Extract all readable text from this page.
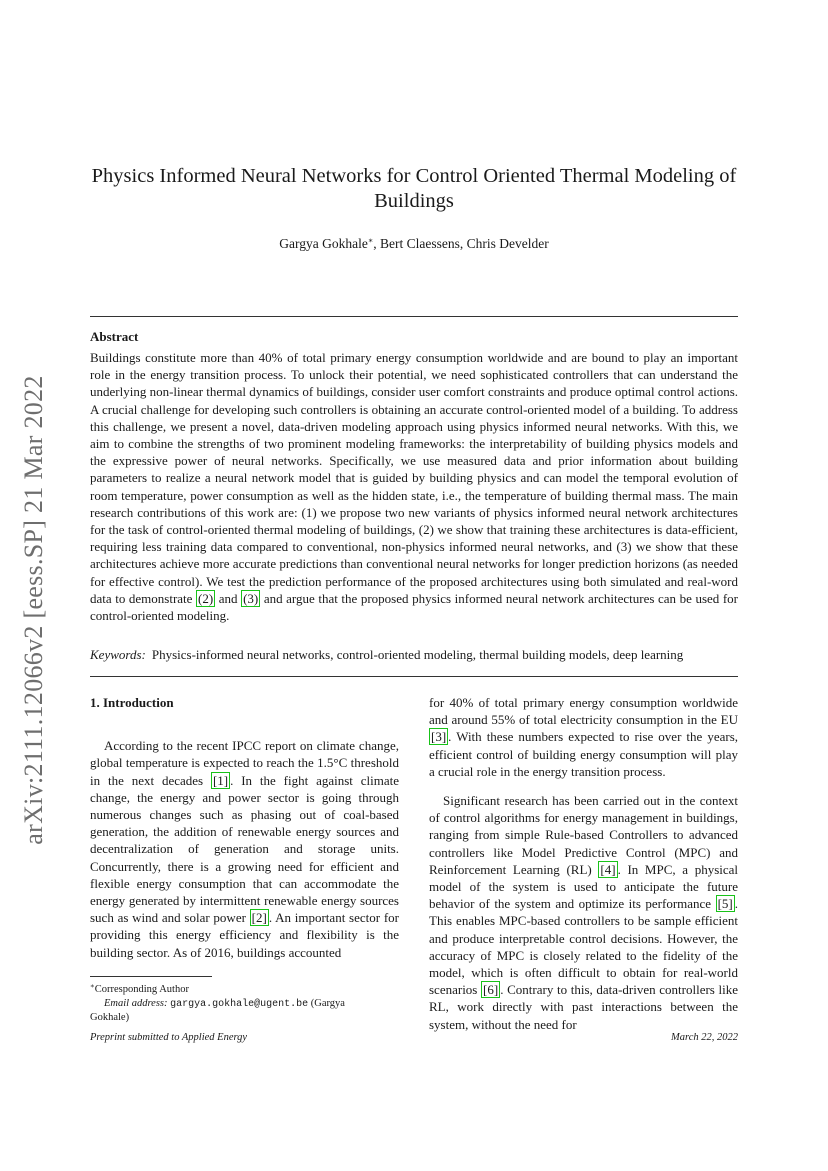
arXiv:2111.12066v2 [eess.SP] 21 Mar 2022
Physics Informed Neural Networks for Control Oriented Thermal Modeling of Buildings
Gargya Gokhale∗, Bert Claessens, Chris Develder
Abstract

Buildings constitute more than 40% of total primary energy consumption worldwide and are bound to play an important role in the energy transition process. To unlock their potential, we need sophisticated controllers that can understand the underlying non-linear thermal dynamics of buildings, consider user comfort constraints and produce optimal control actions. A crucial challenge for developing such controllers is obtaining an accurate control-oriented model of a building. To address this challenge, we present a novel, data-driven modeling approach using physics informed neural networks. With this, we aim to combine the strengths of two prominent modeling frameworks: the interpretability of building physics models and the expressive power of neural networks. Specifically, we use measured data and prior information about building parameters to realize a neural network model that is guided by building physics and can model the temporal evolution of room temperature, power consumption as well as the hidden state, i.e., the temperature of building thermal mass. The main research contributions of this work are: (1) we propose two new variants of physics informed neural network architectures for the task of control-oriented thermal modeling of buildings, (2) we show that training these architectures is data-efficient, requiring less training data compared to conventional, non-physics informed neural networks, and (3) we show that these architectures achieve more accurate predictions than conventional neural networks for longer prediction horizons (as needed for effective control). We test the prediction performance of the proposed architectures using both simulated and real-word data to demonstrate (2) and (3) and argue that the proposed physics informed neural network architectures can be used for control-oriented modeling.

Keywords: Physics-informed neural networks, control-oriented modeling, thermal building models, deep learning

1. Introduction

According to the recent IPCC report on climate change, global temperature is expected to reach the 1.5°C threshold in the next decades [1] . In the fight against climate change, the energy and power sector is going through numerous changes such as phasing out of coal-based generation, the addition of renewable energy sources and decentralization of generation and storage units. Concurrently, there is a growing need for efficient and flexible energy consumption that can accommodate the energy generated by intermittent renewable energy sources such as wind and solar power [2] . An important sector for providing this energy efficiency and flexibility is the building sector. As of 2016, buildings accounted

for 40% of total primary energy consumption worldwide and around 55% of total electricity consumption in the EU [3] . With these numbers expected to rise over the years, efficient control of building energy consumption will play a crucial role in the energy transition process.

Significant research has been carried out in the context of control algorithms for energy management in buildings, ranging from simple Rule-based Controllers to advanced controllers like Model Predictive Control (MPC) and Reinforcement Learning (RL) [4] . In MPC, a physical model of the system is used to anticipate the future behavior of the system and optimize its performance [5] . This enables MPC-based controllers to be sample efficient and produce interpretable control decisions. However, the accuracy of MPC is closely related to the fidelity of the model, which is often difficult to obtain for real-world scenarios [6] . Contrary to this, data-driven controllers like RL, work directly with past interactions between the system, without the need for

∗Corresponding Author
Email address: gargya.gokhale@ugent.be (Gargya Gokhale)
Preprint submitted to Applied Energy	March 22, 2022
